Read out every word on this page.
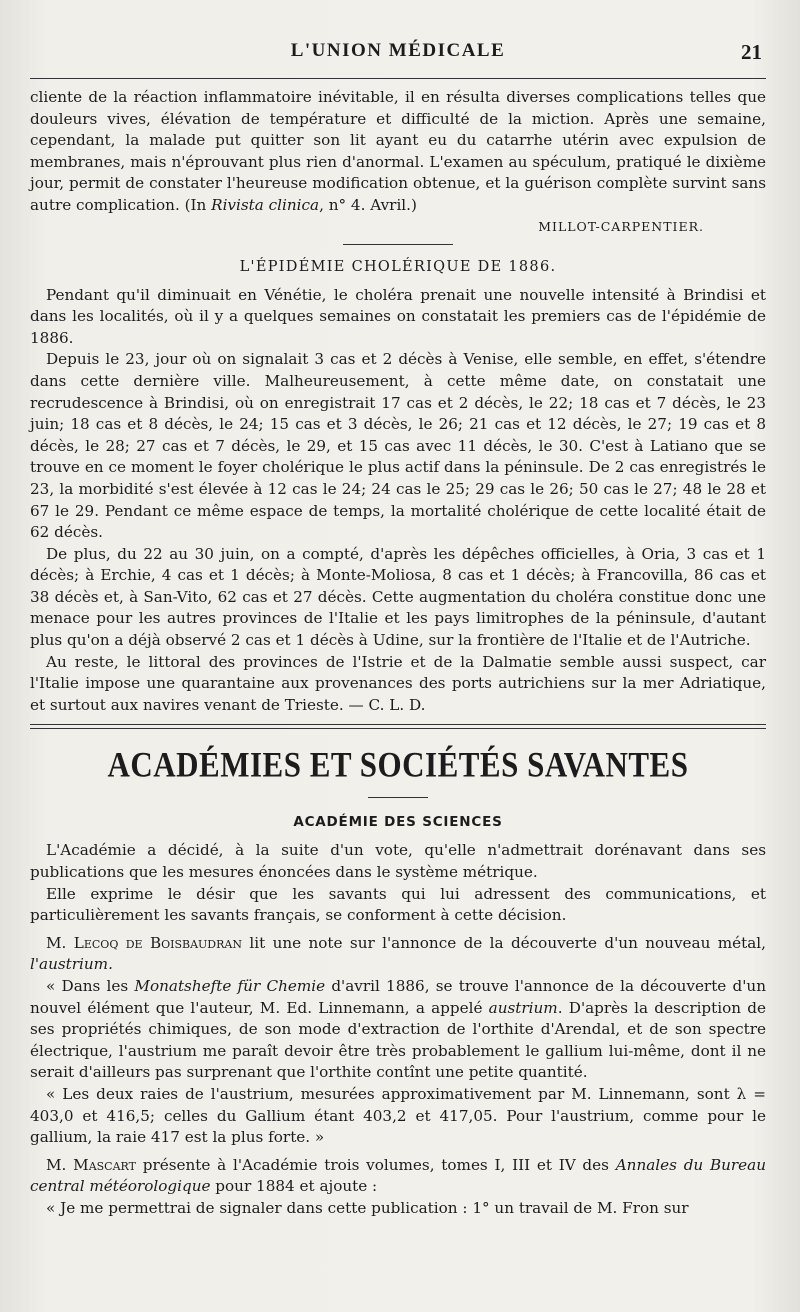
L'UNION MÉDICALE	21

cliente de la réaction inflammatoire inévitable, il en résulta diverses complications telles que douleurs vives, élévation de température et difficulté de la miction. Après une semaine, cependant, la malade put quitter son lit ayant eu du catarrhe utérin avec expulsion de membranes, mais n'éprouvant plus rien d'anormal. L'examen au spéculum, pratiqué le dixième jour, permit de constater l'heureuse modification obtenue, et la guérison complète survint sans autre complication. (In Rivista clinica, n° 4. Avril.)

MILLOT-CARPENTIER.
L'ÉPIDÉMIE CHOLÉRIQUE DE 1886.

Pendant qu'il diminuait en Vénétie, le choléra prenait une nouvelle intensité à Brindisi et dans les localités, où il y a quelques semaines on constatait les premiers cas de l'épidémie de 1886.

Depuis le 23, jour où on signalait 3 cas et 2 décès à Venise, elle semble, en effet, s'étendre dans cette dernière ville. Malheureusement, à cette même date, on constatait une recrudescence à Brindisi, où on enregistrait 17 cas et 2 décès, le 22; 18 cas et 7 décès, le 23 juin; 18 cas et 8 décès, le 24; 15 cas et 3 décès, le 26; 21 cas et 12 décès, le 27; 19 cas et 8 décès, le 28; 27 cas et 7 décès, le 29, et 15 cas avec 11 décès, le 30. C'est à Latiano que se trouve en ce moment le foyer cholérique le plus actif dans la péninsule. De 2 cas enregistrés le 23, la morbidité s'est élevée à 12 cas le 24; 24 cas le 25; 29 cas le 26; 50 cas le 27; 48 le 28 et 67 le 29. Pendant ce même espace de temps, la mortalité cholérique de cette localité était de 62 décès.

De plus, du 22 au 30 juin, on a compté, d'après les dépêches officielles, à Oria, 3 cas et 1 décès; à Erchie, 4 cas et 1 décès; à Monte-Moliosa, 8 cas et 1 décès; à Francovilla, 86 cas et 38 décès et, à San-Vito, 62 cas et 27 décès. Cette augmentation du choléra constitue donc une menace pour les autres provinces de l'Italie et les pays limitrophes de la péninsule, d'autant plus qu'on a déjà observé 2 cas et 1 décès à Udine, sur la frontière de l'Italie et de l'Autriche.

Au reste, le littoral des provinces de l'Istrie et de la Dalmatie semble aussi suspect, car l'Italie impose une quarantaine aux provenances des ports autrichiens sur la mer Adriatique, et surtout aux navires venant de Trieste. — C. L. D.

ACADÉMIES ET SOCIÉTÉS SAVANTES
ACADÉMIE DES SCIENCES

L'Académie a décidé, à la suite d'un vote, qu'elle n'admettrait dorénavant dans ses publications que les mesures énoncées dans le système métrique.

Elle exprime le désir que les savants qui lui adressent des communications, et particulièrement les savants français, se conforment à cette décision.

M. Lecoq de Boisbaudran lit une note sur l'annonce de la découverte d'un nouveau métal, l'austrium.

« Dans les Monatshefte für Chemie d'avril 1886, se trouve l'annonce de la découverte d'un nouvel élément que l'auteur, M. Ed. Linnemann, a appelé austrium. D'après la description de ses propriétés chimiques, de son mode d'extraction de l'orthite d'Arendal, et de son spectre électrique, l'austrium me paraît devoir être très probablement le gallium lui-même, dont il ne serait d'ailleurs pas surprenant que l'orthite contînt une petite quantité.

« Les deux raies de l'austrium, mesurées approximativement par M. Linnemann, sont λ = 403,0 et 416,5; celles du Gallium étant 403,2 et 417,05. Pour l'austrium, comme pour le gallium, la raie 417 est la plus forte. »

M. Mascart présente à l'Académie trois volumes, tomes I, III et IV des Annales du Bureau central météorologique pour 1884 et ajoute :

« Je me permettrai de signaler dans cette publication : 1° un travail de M. Fron sur
